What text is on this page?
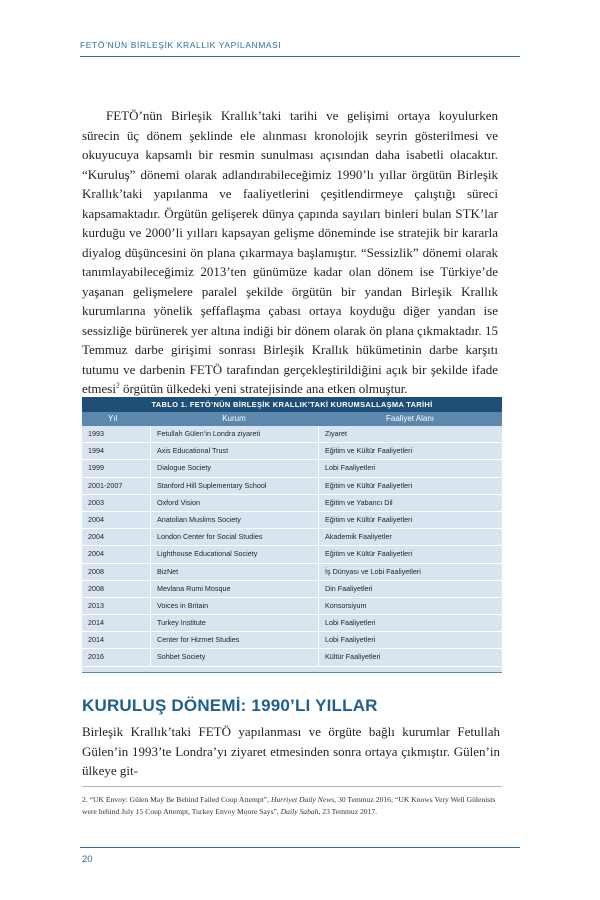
FETÖ’NÜN BİRLEŞİK KRALLIK YAPILANMASI

FETÖ’nün Birleşik Krallık’taki tarihi ve gelişimi ortaya koyulurken sürecin üç dönem şeklinde ele alınması kronolojik seyrin gösterilmesi ve okuyucuya kapsamlı bir resmin sunulması açısından daha isabetli olacaktır. “Kuruluş” dönemi olarak adlandırabileceğimiz 1990’lı yıllar örgütün Birleşik Krallık’taki yapılanma ve faaliyetlerini çeşitlendirmeye çalıştığı süreci kapsamaktadır. Örgütün gelişerek dünya çapında sayıları binleri bulan STK’lar kurduğu ve 2000’li yılları kapsayan gelişme döneminde ise stratejik bir kararla diyalog düşüncesini ön plana çıkarmaya başlamıştır. “Sessizlik” dönemi olarak tanımlayabileceğimiz 2013’ten günümüze kadar olan dönem ise Türkiye’de yaşanan gelişmelere paralel şekilde örgütün bir yandan Birleşik Krallık kurumlarına yönelik şeffaflaşma çabası ortaya koyduğu diğer yandan ise sessizliğe bürünerek yer altına indiği bir dönem olarak ön plana çıkmaktadır. 15 Temmuz darbe girişimi sonrası Birleşik Krallık hükümetinin darbe karşıtı tutumu ve darbenin FETÖ tarafından gerçekleştirildiğini açık bir şekilde ifade etmesi$^2$ örgütün ülkedeki yeni stratejisinde ana etken olmuştur.

TABLO 1. FETÖ’NÜN BİRLEŞİK KRALLIK’TAKİ KURUMSALLAŞMA TARİHİ
Yıl	Kurum	Faaliyet Alanı
1993	Fetullah Gülen’in Londra ziyareti	Ziyaret
1994	Axis Educational Trust	Eğitim ve Kültür Faaliyetleri
1999	Dialogue Society	Lobi Faaliyetleri
2001-2007	Stanford Hill Suplementary School	Eğitim ve Kültür Faaliyetleri
2003	Oxford Vision	Eğitim ve Yabancı Dil
2004	Anatolian Muslims Society	Eğitim ve Kültür Faaliyetleri
2004	London Center for Social Studies	Akademik Faaliyetler
2004	Lighthouse Educational Society	Eğitim ve Kültür Faaliyetleri
2008	BizNet	İş Dünyası ve Lobi Faaliyetleri
2008	Mevlana Rumi Mosque	Din Faaliyetleri
2013	Voices in Britain	Konsorsiyum
2014	Turkey Institute	Lobi Faaliyetleri
2014	Center for Hizmet Studies	Lobi Faaliyetleri
2016	Sohbet Society	Kültür Faaliyetleri
KURULUŞ DÖNEMİ: 1990’LI YILLAR

Birleşik Krallık’taki FETÖ yapılanması ve örgüte bağlı kurumlar Fetullah Gülen’in 1993’te Londra’yı ziyaret etmesinden sonra ortaya çıkmıştır. Gülen’in ülkeye git-

2. “UK Envoy: Gülen May Be Behind Failed Coup Attempt”, Hurriyet Daily News, 30 Temmuz 2016; “UK Knows Very Well Gülenists were behind July 15 Coup Attempt, Turkey Envoy Moore Says”, Daily Sabah, 23 Temmuz 2017.

20
